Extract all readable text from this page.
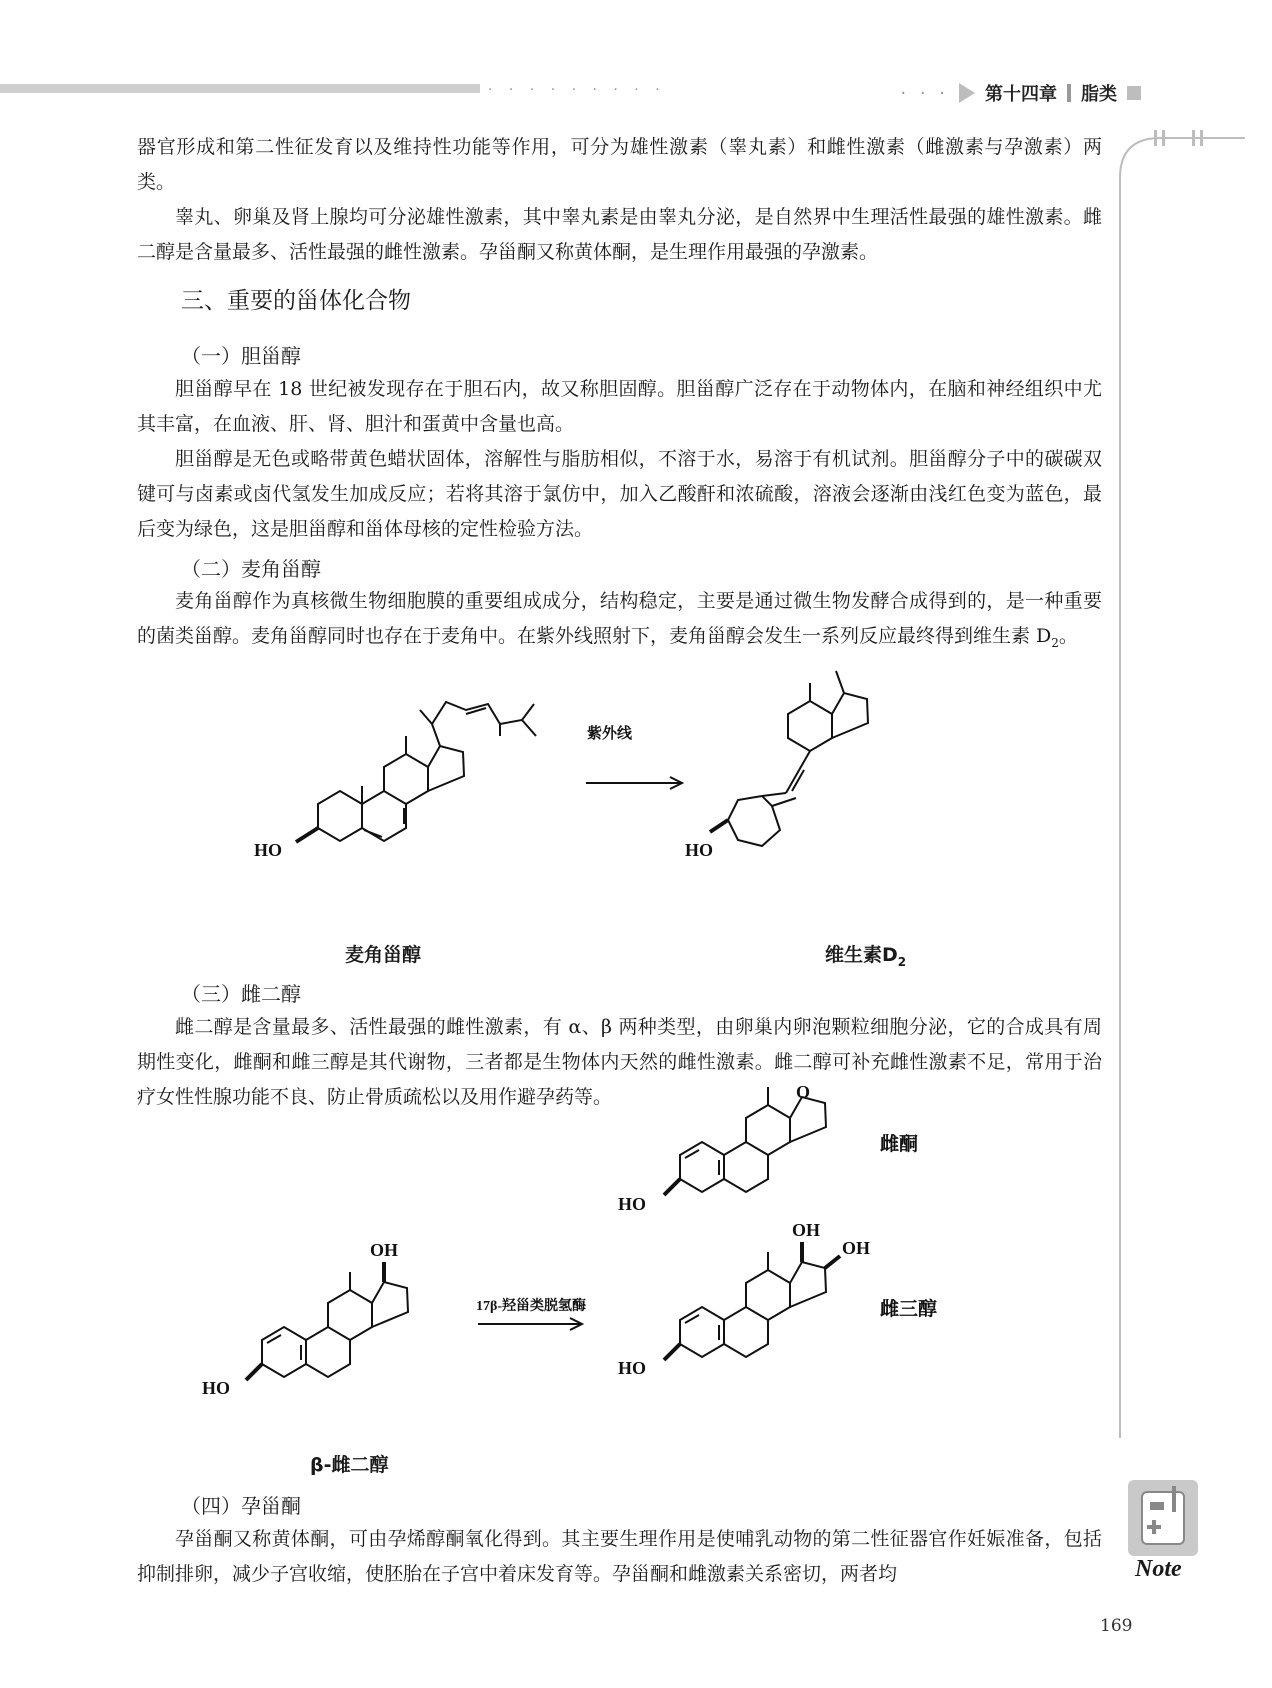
· · · · · · · · ·	· · · 第十四章 脂类

器官形成和第二性征发育以及维持性功能等作用，可分为雄性激素（睾丸素）和雌性激素（雌激素与孕激素）两类。

睾丸、卵巢及肾上腺均可分泌雄性激素，其中睾丸素是由睾丸分泌，是自然界中生理活性最强的雄性激素。雌二醇是含量最多、活性最强的雌性激素。孕甾酮又称黄体酮，是生理作用最强的孕激素。

三、重要的甾体化合物
（一）胆甾醇

胆甾醇早在 18 世纪被发现存在于胆石内，故又称胆固醇。胆甾醇广泛存在于动物体内，在脑和神经组织中尤其丰富，在血液、肝、肾、胆汁和蛋黄中含量也高。

胆甾醇是无色或略带黄色蜡状固体，溶解性与脂肪相似，不溶于水，易溶于有机试剂。胆甾醇分子中的碳碳双键可与卤素或卤代氢发生加成反应；若将其溶于氯仿中，加入乙酸酐和浓硫酸，溶液会逐渐由浅红色变为蓝色，最后变为绿色，这是胆甾醇和甾体母核的定性检验方法。

（二）麦角甾醇

麦角甾醇作为真核微生物细胞膜的重要组成成分，结构稳定，主要是通过微生物发酵合成得到的，是一种重要的菌类甾醇。麦角甾醇同时也存在于麦角中。在紫外线照射下，麦角甾醇会发生一系列反应最终得到维生素 $D_2$。

HO
紫外线
HO
麦角甾醇	维生素$D_2$
（三）雌二醇

雌二醇是含量最多、活性最强的雌性激素，有 α、β 两种类型，由卵巢内卵泡颗粒细胞分泌，它的合成具有周期性变化，雌酮和雌三醇是其代谢物，三者都是生物体内天然的雌性激素。雌二醇可补充雌性激素不足，常用于治疗女性性腺功能不良、防止骨质疏松以及用作避孕药等。

OH
HO
17β-羟甾类脱氢酶
O
HO
雌酮
OH
OH
HO
雌三醇
β-雌二醇
（四）孕甾酮

孕甾酮又称黄体酮，可由孕烯醇酮氧化得到。其主要生理作用是使哺乳动物的第二性征器官作妊娠准备，包括抑制排卵，减少子宫收缩，使胚胎在子宫中着床发育等。孕甾酮和雌激素关系密切，两者均	Note
169
